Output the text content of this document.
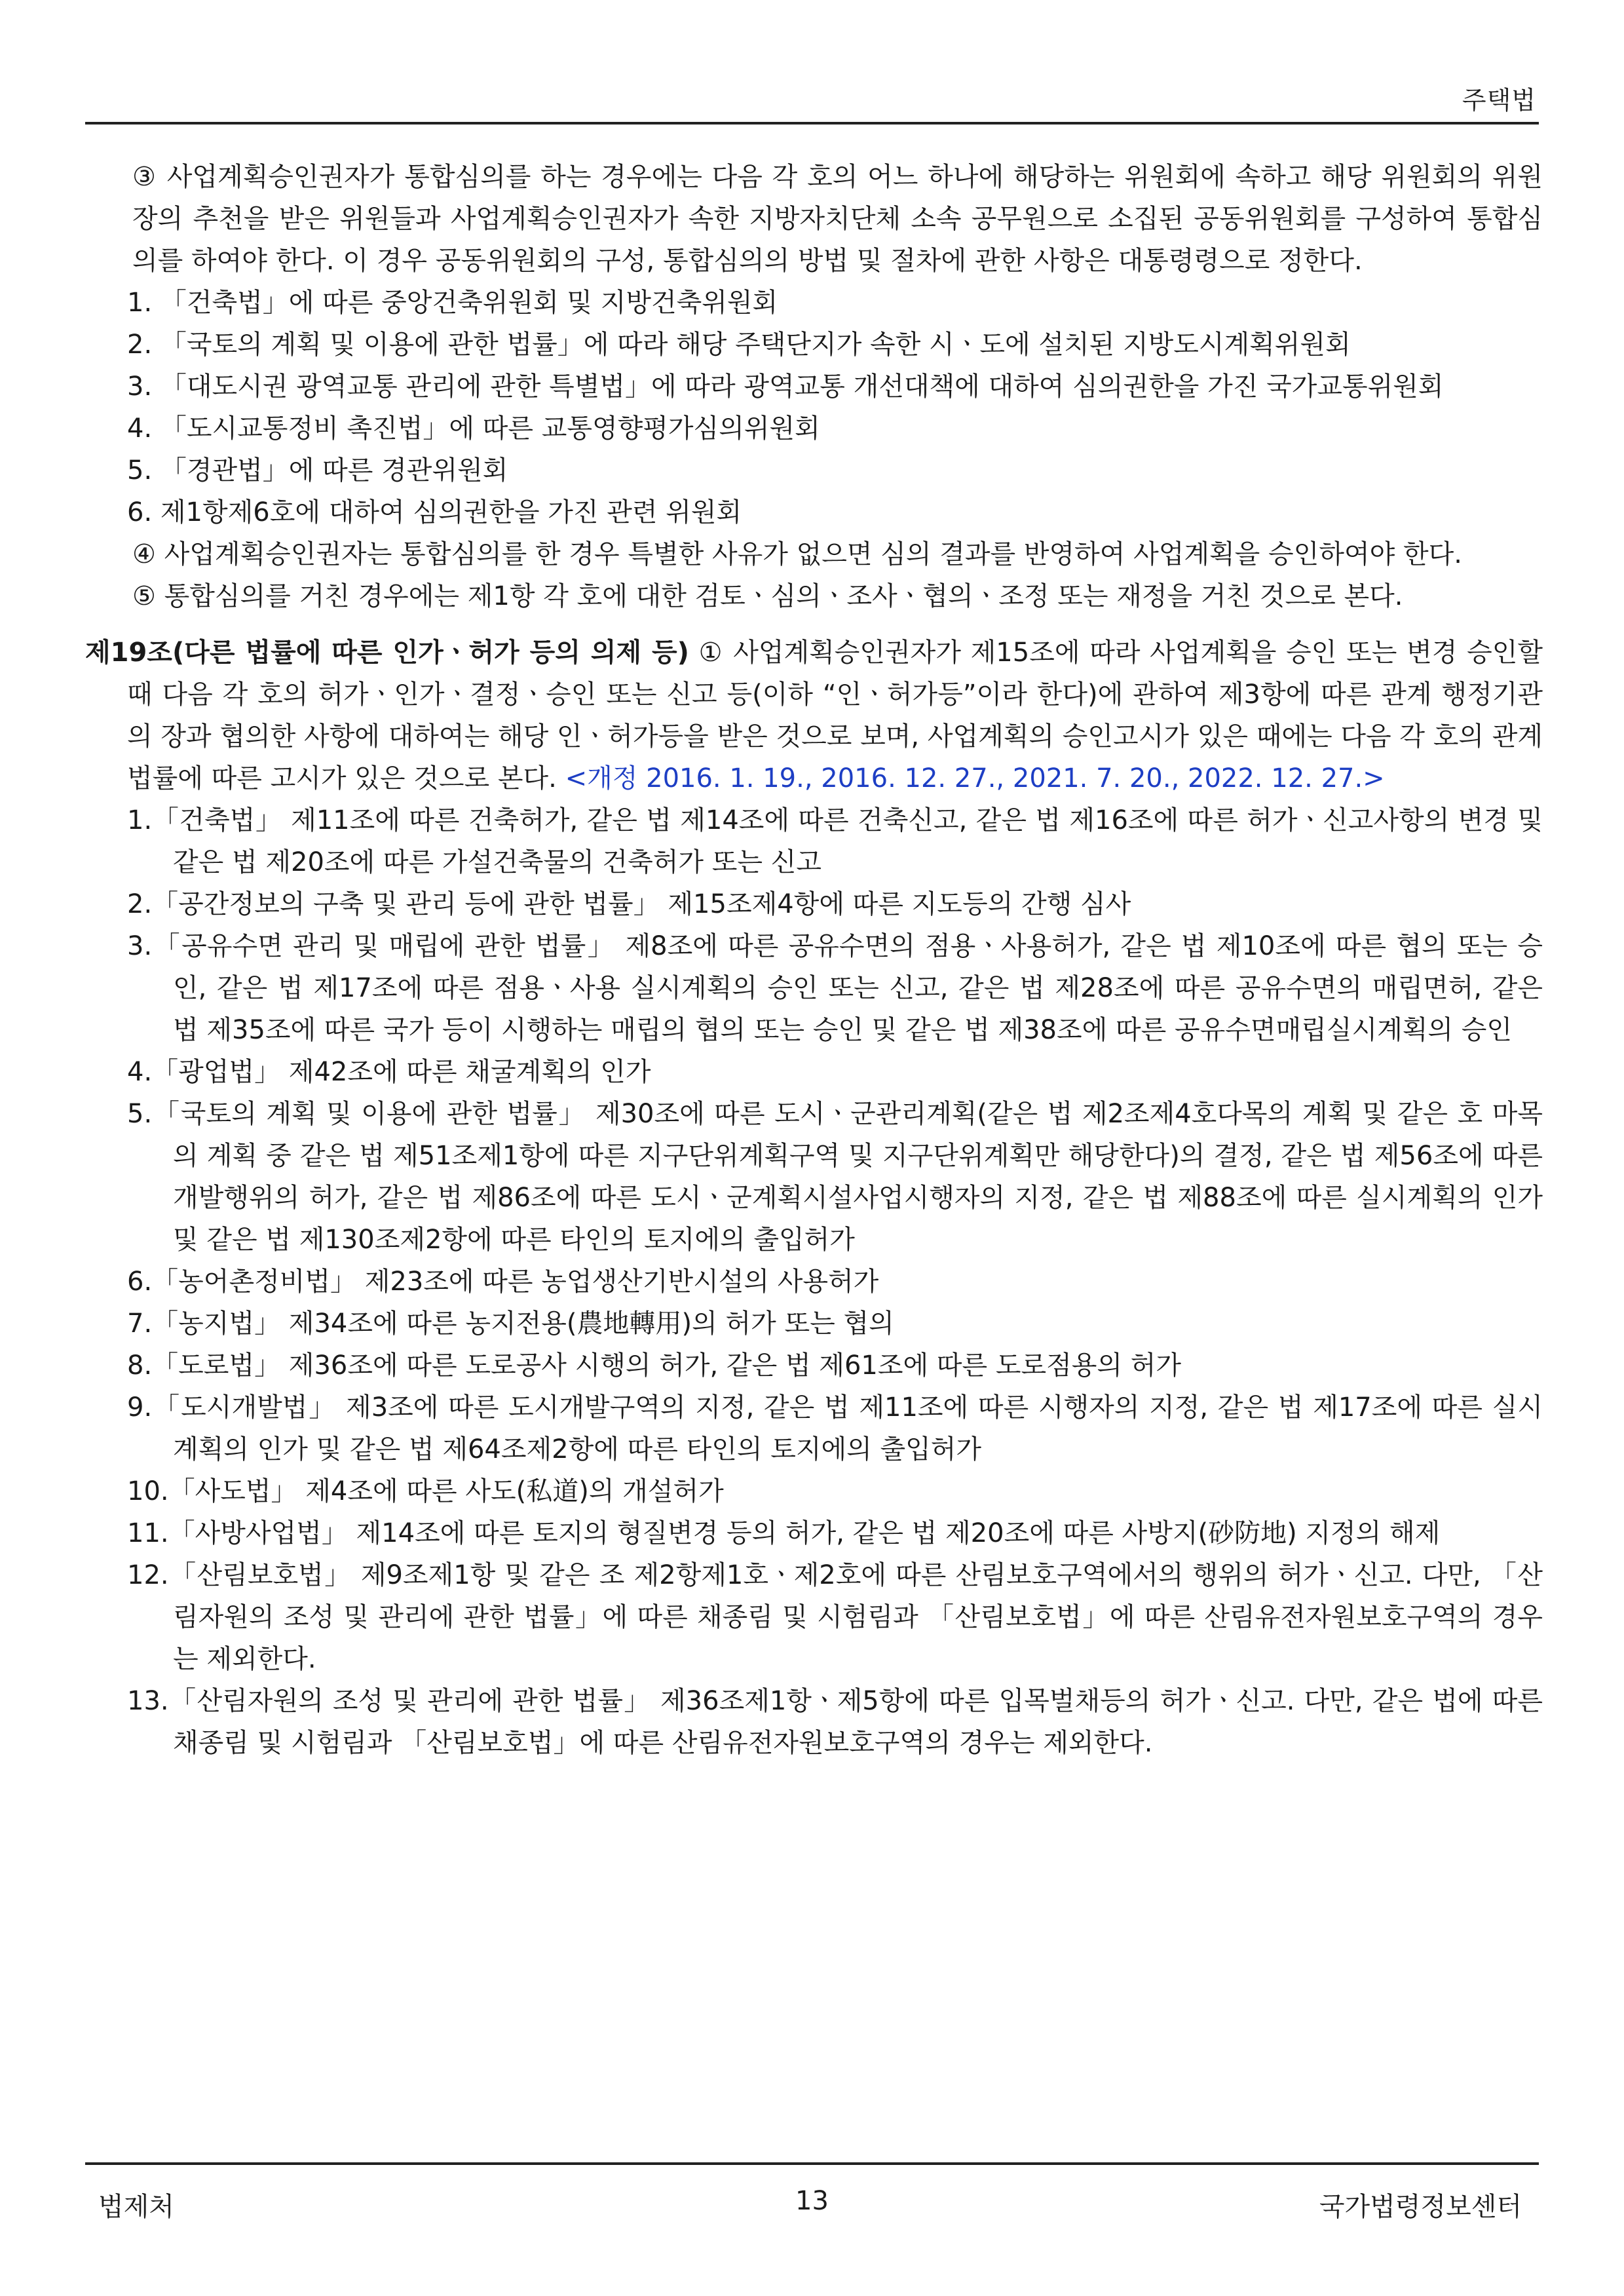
주택법

③ 사업계획승인권자가 통합심의를 하는 경우에는 다음 각 호의 어느 하나에 해당하는 위원회에 속하고 해당 위원회의 위원장의 추천을 받은 위원들과 사업계획승인권자가 속한 지방자치단체 소속 공무원으로 소집된 공동위원회를 구성하여 통합심의를 하여야 한다. 이 경우 공동위원회의 구성, 통합심의의 방법 및 절차에 관한 사항은 대통령령으로 정한다.

1. 「건축법」에 따른 중앙건축위원회 및 지방건축위원회

2. 「국토의 계획 및 이용에 관한 법률」에 따라 해당 주택단지가 속한 시ㆍ도에 설치된 지방도시계획위원회

3. 「대도시권 광역교통 관리에 관한 특별법」에 따라 광역교통 개선대책에 대하여 심의권한을 가진 국가교통위원회

4. 「도시교통정비 촉진법」에 따른 교통영향평가심의위원회

5. 「경관법」에 따른 경관위원회

6. 제1항제6호에 대하여 심의권한을 가진 관련 위원회

④ 사업계획승인권자는 통합심의를 한 경우 특별한 사유가 없으면 심의 결과를 반영하여 사업계획을 승인하여야 한다.

⑤ 통합심의를 거친 경우에는 제1항 각 호에 대한 검토ㆍ심의ㆍ조사ㆍ협의ㆍ조정 또는 재정을 거친 것으로 본다.

제19조(다른 법률에 따른 인가ㆍ허가 등의 의제 등) ① 사업계획승인권자가 제15조에 따라 사업계획을 승인 또는 변경 승인할 때 다음 각 호의 허가ㆍ인가ㆍ결정ㆍ승인 또는 신고 등(이하 “인ㆍ허가등”이라 한다)에 관하여 제3항에 따른 관계 행정기관의 장과 협의한 사항에 대하여는 해당 인ㆍ허가등을 받은 것으로 보며, 사업계획의 승인고시가 있은 때에는 다음 각 호의 관계 법률에 따른 고시가 있은 것으로 본다. <개정 2016. 1. 19., 2016. 12. 27., 2021. 7. 20., 2022. 12. 27.>

1.「건축법」 제11조에 따른 건축허가, 같은 법 제14조에 따른 건축신고, 같은 법 제16조에 따른 허가ㆍ신고사항의 변경 및 같은 법 제20조에 따른 가설건축물의 건축허가 또는 신고

2.「공간정보의 구축 및 관리 등에 관한 법률」 제15조제4항에 따른 지도등의 간행 심사

3.「공유수면 관리 및 매립에 관한 법률」 제8조에 따른 공유수면의 점용ㆍ사용허가, 같은 법 제10조에 따른 협의 또는 승인, 같은 법 제17조에 따른 점용ㆍ사용 실시계획의 승인 또는 신고, 같은 법 제28조에 따른 공유수면의 매립면허, 같은 법 제35조에 따른 국가 등이 시행하는 매립의 협의 또는 승인 및 같은 법 제38조에 따른 공유수면매립실시계획의 승인

4.「광업법」 제42조에 따른 채굴계획의 인가

5.「국토의 계획 및 이용에 관한 법률」 제30조에 따른 도시ㆍ군관리계획(같은 법 제2조제4호다목의 계획 및 같은 호 마목의 계획 중 같은 법 제51조제1항에 따른 지구단위계획구역 및 지구단위계획만 해당한다)의 결정, 같은 법 제56조에 따른 개발행위의 허가, 같은 법 제86조에 따른 도시ㆍ군계획시설사업시행자의 지정, 같은 법 제88조에 따른 실시계획의 인가 및 같은 법 제130조제2항에 따른 타인의 토지에의 출입허가

6.「농어촌정비법」 제23조에 따른 농업생산기반시설의 사용허가

7.「농지법」 제34조에 따른 농지전용(農地轉用)의 허가 또는 협의

8.「도로법」 제36조에 따른 도로공사 시행의 허가, 같은 법 제61조에 따른 도로점용의 허가

9.「도시개발법」 제3조에 따른 도시개발구역의 지정, 같은 법 제11조에 따른 시행자의 지정, 같은 법 제17조에 따른 실시계획의 인가 및 같은 법 제64조제2항에 따른 타인의 토지에의 출입허가

10.「사도법」 제4조에 따른 사도(私道)의 개설허가

11.「사방사업법」 제14조에 따른 토지의 형질변경 등의 허가, 같은 법 제20조에 따른 사방지(砂防地) 지정의 해제

12.「산림보호법」 제9조제1항 및 같은 조 제2항제1호ㆍ제2호에 따른 산림보호구역에서의 행위의 허가ㆍ신고. 다만, 「산림자원의 조성 및 관리에 관한 법률」에 따른 채종림 및 시험림과 「산림보호법」에 따른 산림유전자원보호구역의 경우는 제외한다.

13.「산림자원의 조성 및 관리에 관한 법률」 제36조제1항ㆍ제5항에 따른 입목벌채등의 허가ㆍ신고. 다만, 같은 법에 따른 채종림 및 시험림과 「산림보호법」에 따른 산림유전자원보호구역의 경우는 제외한다.

법제처	13	국가법령정보센터
